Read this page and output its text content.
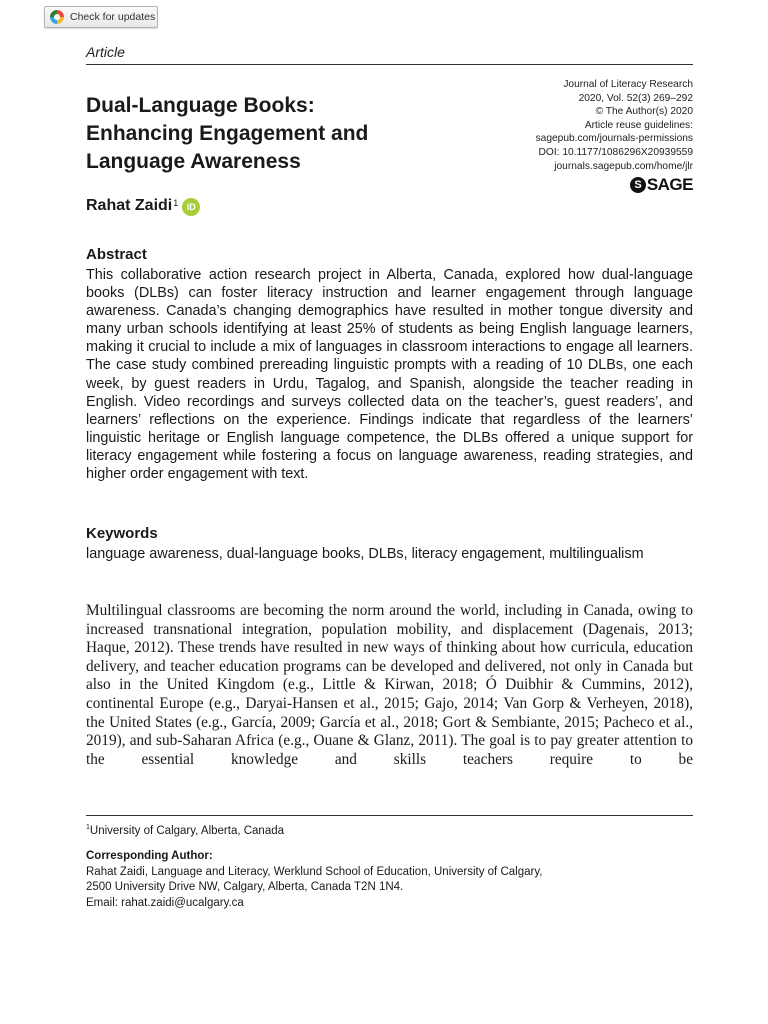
Check for updates
Article
Dual-Language Books:
Enhancing Engagement and
Language Awareness
Journal of Literacy Research
2020, Vol. 52(3) 269–292
© The Author(s) 2020
Article reuse guidelines:
sagepub.com/journals-permissions
DOI: 10.1177/1086296X20939559
journals.sagepub.com/home/jlr
S SAGE
Rahat Zaidi 1 iD
Abstract
This collaborative action research project in Alberta, Canada, explored how dual-language books (DLBs) can foster literacy instruction and learner engagement through language awareness. Canada’s changing demographics have resulted in mother tongue diversity and many urban schools identifying at least 25% of students as being English language learners, making it crucial to include a mix of languages in classroom interactions to engage all learners. The case study combined prereading linguistic prompts with a reading of 10 DLBs, one each week, by guest readers in Urdu, Tagalog, and Spanish, alongside the teacher reading in English. Video recordings and surveys collected data on the teacher’s, guest readers’, and learners’ reflections on the experience. Findings indicate that regardless of the learners’ linguistic heritage or English language competence, the DLBs offered a unique support for literacy engagement while fostering a focus on language awareness, reading strategies, and higher order engagement with text.
Keywords
language awareness, dual-language books, DLBs, literacy engagement, multilingualism
Multilingual classrooms are becoming the norm around the world, including in Canada, owing to increased transnational integration, population mobility, and displacement (Dagenais, 2013; Haque, 2012). These trends have resulted in new ways of thinking about how curricula, education delivery, and teacher education programs can be developed and delivered, not only in Canada but also in the United Kingdom (e.g., Little & Kirwan, 2018; Ó Duibhir & Cummins, 2012), continental Europe (e.g., Daryai-Hansen et al., 2015; Gajo, 2014; Van Gorp & Verheyen, 2018), the United States (e.g., García, 2009; García et al., 2018; Gort & Sembiante, 2015; Pacheco et al., 2019), and sub-Saharan Africa (e.g., Ouane & Glanz, 2011). The goal is to pay greater attention to the essential knowledge and skills teachers require to be
$^1$University of Calgary, Alberta, Canada
Corresponding Author:
Rahat Zaidi, Language and Literacy, Werklund School of Education, University of Calgary,
2500 University Drive NW, Calgary, Alberta, Canada T2N 1N4.
Email: rahat.zaidi@ucalgary.ca
